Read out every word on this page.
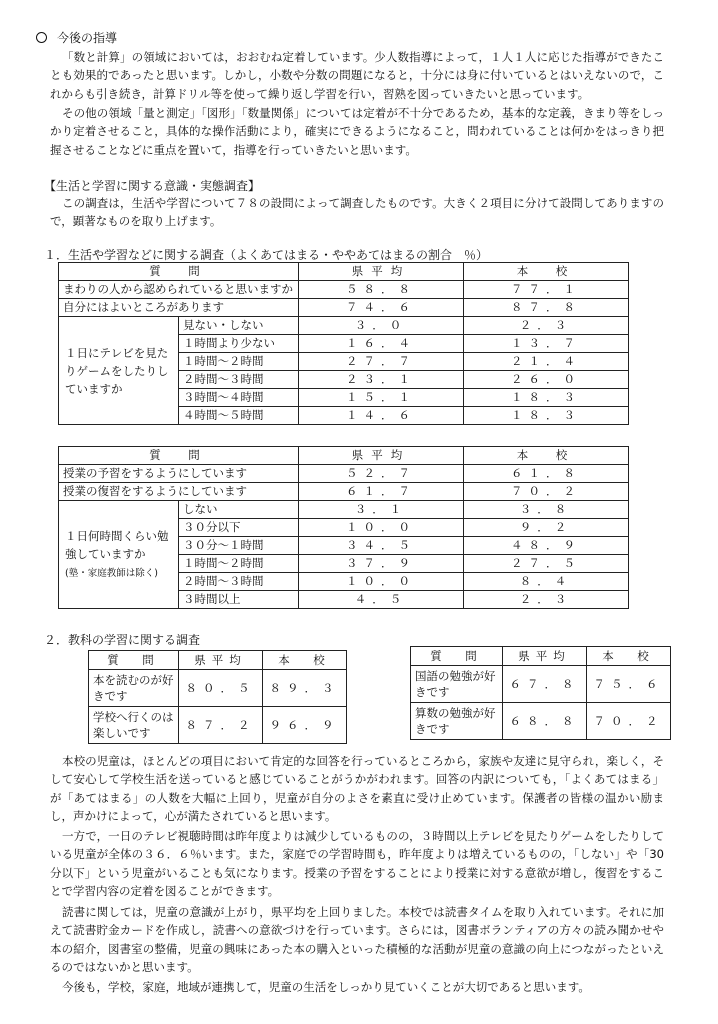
今後の指導

「数と計算」の領域においては，おおむね定着しています。少人数指導によって，１人１人に応じた指導ができたことも効果的であったと思います。しかし，小数や分数の問題になると，十分には身に付いているとはいえないので，これからも引き続き，計算ドリル等を使って繰り返し学習を行い，習熟を図っていきたいと思っています。

その他の領域「量と測定」「図形」「数量関係」については定着が不十分であるため，基本的な定義，きまり等をしっかり定着させること，具体的な操作活動により，確実にできるようになること，問われていることは何かをはっきり把握させることなどに重点を置いて，指導を行っていきたいと思います。

【生活と学習に関する意識・実態調査】

この調査は，生活や学習について７８の設問によって調査したものです。大きく２項目に分けて設問してありますので，顕著なものを取り上げます。

１．生活や学習などに関する調査（よくあてはまる・ややあてはまるの割合　％）
質　問		県平均	本　校
まわりの人から認められていると思いますか		５８．８	７７．１
自分にはよいところがあります		７４．６	８７．８
１日にテレビを見たりゲームをしたりしていますか	見ない・しない	３．０	２．３
	１時間より少ない	１６．４	１３．７
	１時間〜２時間	２７．７	２１．４
	２時間〜３時間	２３．１	２６．０
	３時間〜４時間	１５．１	１８．３
	４時間〜５時間	１４．６	１８．３
質　問		県平均	本　校
授業の予習をするようにしています		５２．７	６１．８
授業の復習をするようにしています		６１．７	７０．２
１日何時間くらい勉強していますか
(塾・家庭教師は除く)	しない	３．１	３．８
	３０分以下	１０．０	９．２
	３０分〜１時間	３４．５	４８．９
	１時間〜２時間	３７．９	２７．５
	２時間〜３時間	１０．０	８．４
	３時間以上	４．５	２．３
２．教科の学習に関する調査
質　問	県平均	本　校
本を読むのが好きです	８０．５	８９．３
学校へ行くのは楽しいです	８７．２	９６．９
質　問	県平均	本　校
国語の勉強が好きです	６７．８	７５．６
算数の勉強が好きです	６８．８	７０．２

本校の児童は，ほとんどの項目において肯定的な回答を行っているところから，家族や友達に見守られ，楽しく，そして安心して学校生活を送っていると感じていることがうかがわれます。回答の内訳についても，「よくあてはまる」が「あてはまる」の人数を大幅に上回り，児童が自分のよさを素直に受け止めています。保護者の皆様の温かい励まし，声かけによって，心が満たされていると思います。

一方で，一日のテレビ視聴時間は昨年度よりは減少しているものの，３時間以上テレビを見たりゲームをしたりしている児童が全体の３６．６％います。また，家庭での学習時間も，昨年度よりは増えているものの，「しない」や「30分以下」という児童がいることも気になります。授業の予習をすることにより授業に対する意欲が増し，復習をすることで学習内容の定着を図ることができます。

読書に関しては，児童の意識が上がり，県平均を上回りました。本校では読書タイムを取り入れています。それに加えて読書貯金カードを作成し，読書への意欲づけを行っています。さらには，図書ボランティアの方々の読み聞かせや本の紹介，図書室の整備，児童の興味にあった本の購入といった積極的な活動が児童の意識の向上につながったといえるのではないかと思います。

今後も，学校，家庭，地域が連携して，児童の生活をしっかり見ていくことが大切であると思います。
